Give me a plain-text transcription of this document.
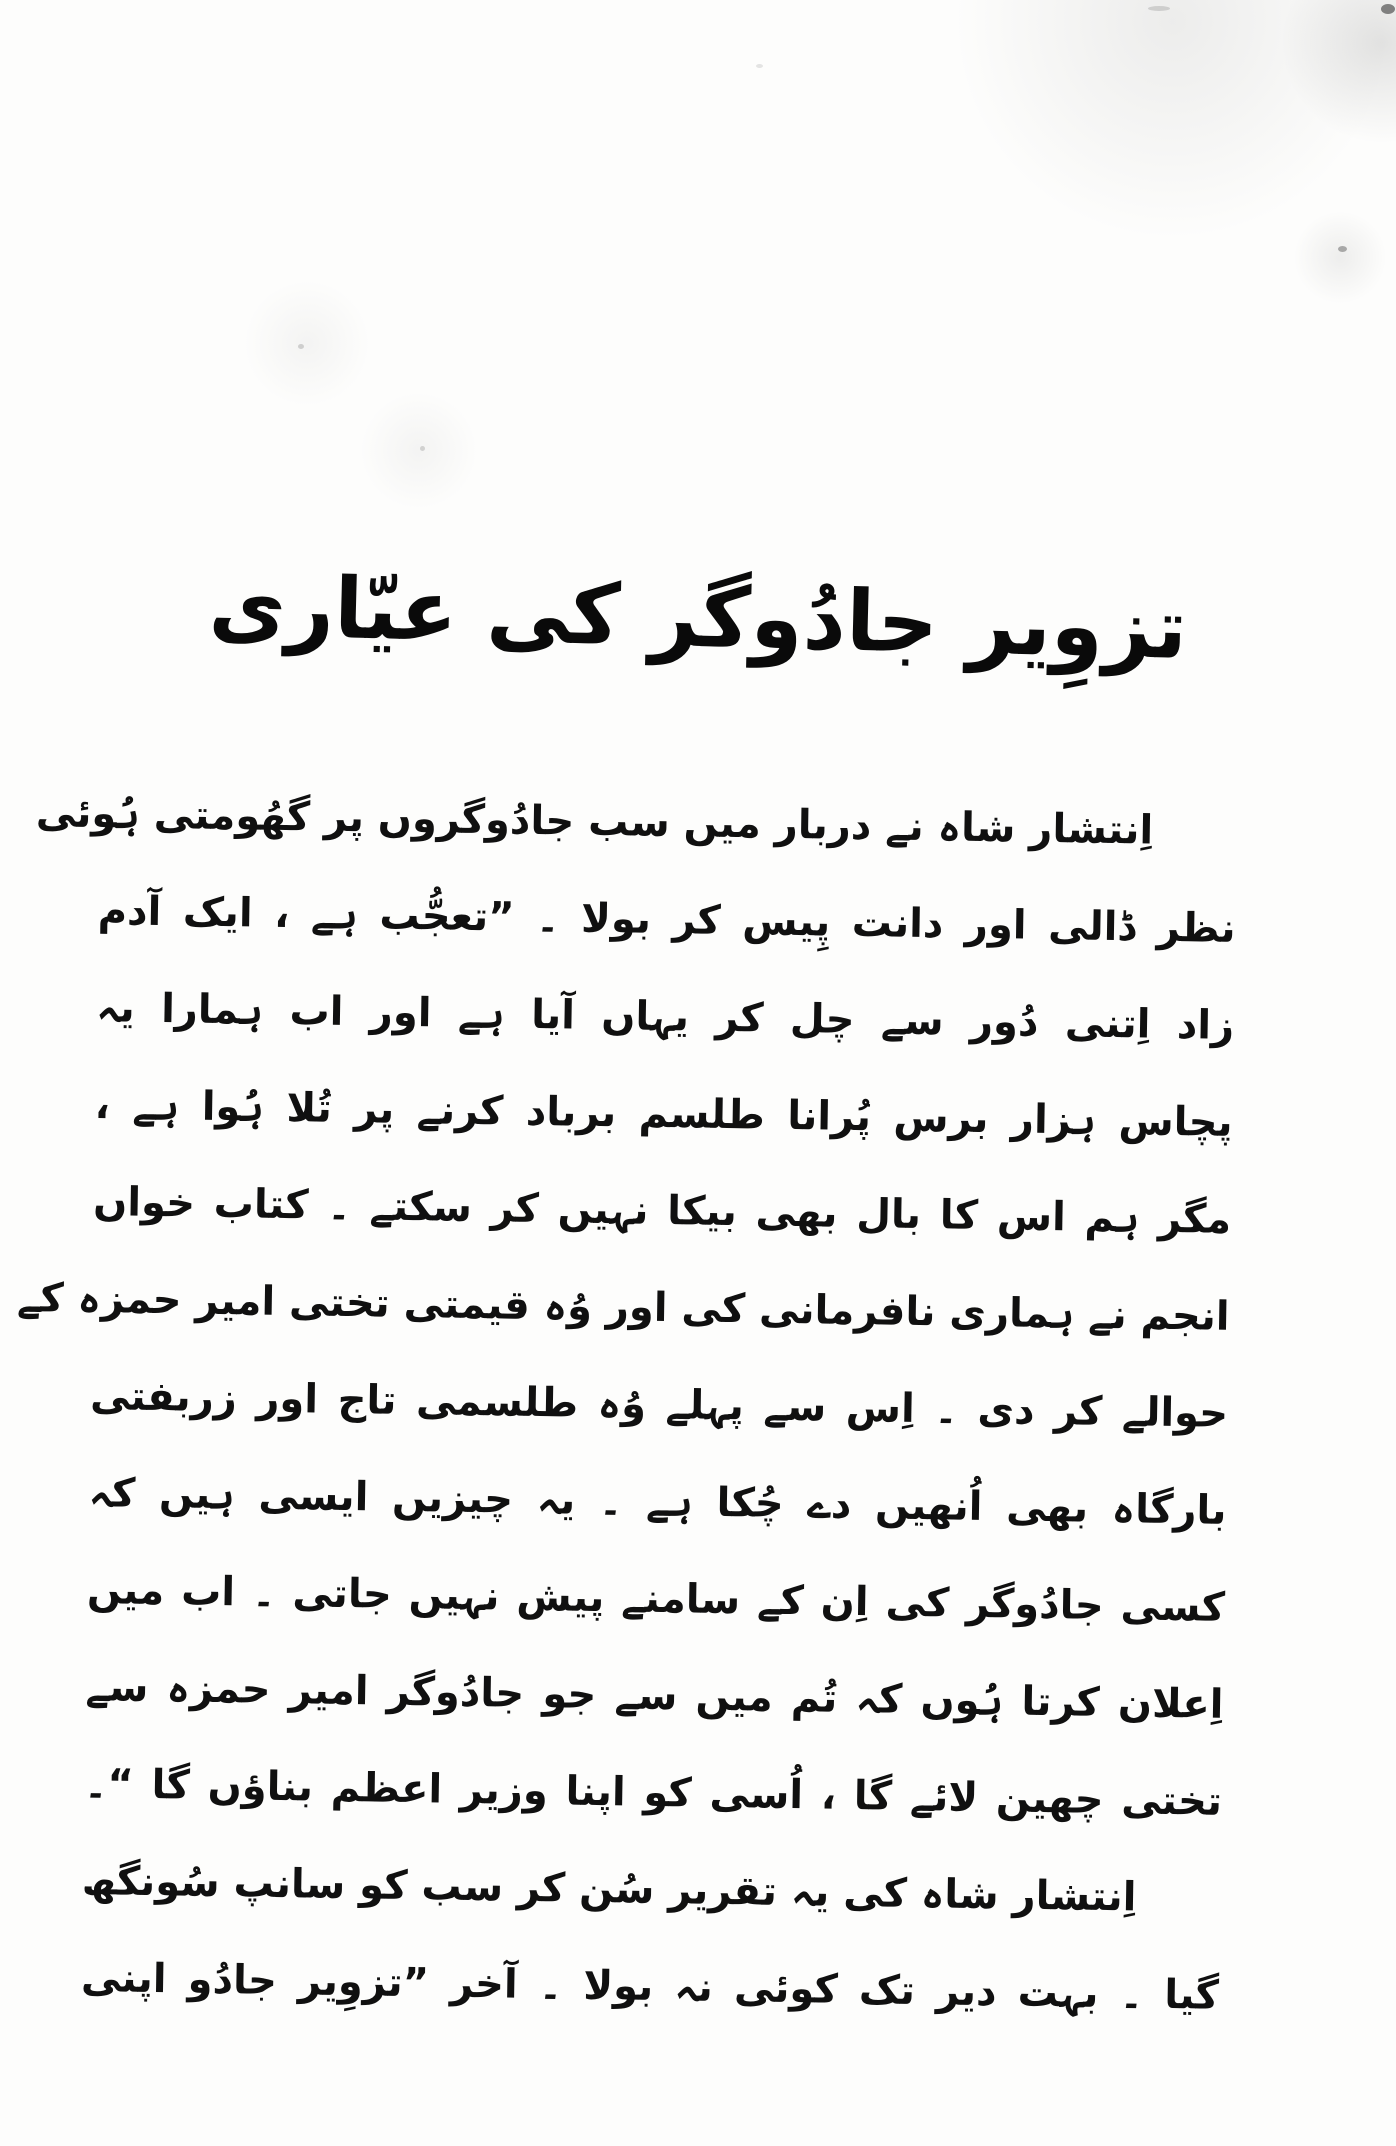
تزوِیر جادُوگر کی عیّاری
اِنتشار شاہ نے دربار میں سب جادُوگروں پر گھُومتی ہُوئی
نظر ڈالی اور دانت پِیس کر بولا ۔ ”تعجُّب ہے ، ایک آدم
زاد اِتنی دُور سے چل کر یہاں آیا ہے اور اب ہمارا یہ
پچاس ہزار برس پُرانا طلسم برباد کرنے پر تُلا ہُوا ہے ،
مگر ہم اس کا بال بھی بیکا نہیں کر سکتے ۔ کتاب خواں
انجم نے ہماری نافرمانی کی اور وُہ قیمتی تختی امیر حمزہ کے
حوالے کر دی ۔ اِس سے پہلے وُہ طلسمی تاج اور زربفتی
بارگاہ بھی اُنھیں دے چُکا ہے ۔ یہ چیزیں ایسی ہیں کہ
کسی جادُوگر کی اِن کے سامنے پیش نہیں جاتی ۔ اب میں
اِعلان کرتا ہُوں کہ تُم میں سے جو جادُوگر امیر حمزہ سے
تختی چھین لائے گا ، اُسی کو اپنا وزیر اعظم بناؤں گا “۔
اِنتشار شاہ کی یہ تقریر سُن کر سب کو سانپ سُونگھ
گیا ۔ بہت دیر تک کوئی نہ بولا ۔ آخر ”تزوِیر جادُو اپنی
